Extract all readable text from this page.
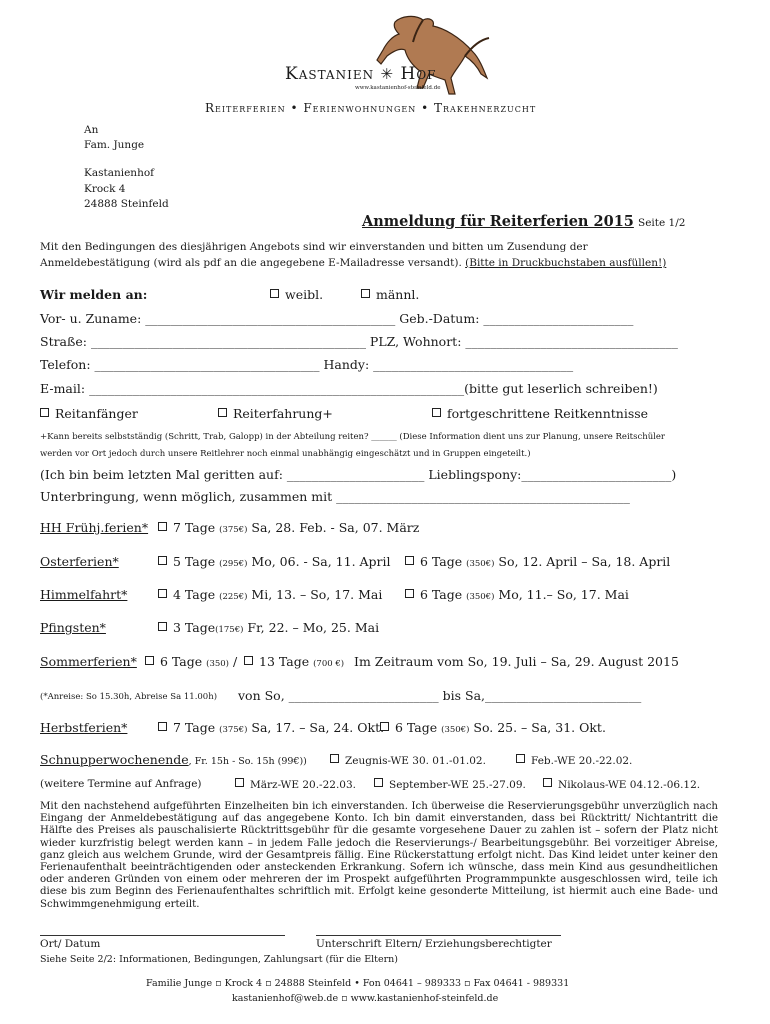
Kastanien ✳ Hof
www.kastanienhof-steinfeld.de
Reiterferien • Ferienwohnungen • Trakehnerzucht
An
Fam. Junge
Kastanienhof
Krock 4
24888 Steinfeld
Anmeldung für Reiterferien 2015 Seite 1/2
Mit den Bedingungen des diesjährigen Angebots sind wir einverstanden und bitten um Zusendung der
Anmeldebestätigung (wird als pdf an die angegebene E-Mailadresse versandt). (Bitte in Druckbuchstaben ausfüllen!)
Wir melden an:	weibl.	männl.
Vor- u. Zuname: ________________________________________ Geb.-Datum: ________________________
Straße: ____________________________________________ PLZ, Wohnort: __________________________________
Telefon: ____________________________________ Handy: ________________________________
E-mail: ____________________________________________________________(bitte gut leserlich schreiben!)
Reitanfänger	Reiterfahrung+	fortgeschrittene Reitkenntnisse
+Kann bereits selbstständig (Schritt, Trab, Galopp) in der Abteilung reiten? ______ (Diese Information dient uns zur Planung, unsere Reitschüler
werden vor Ort jedoch durch unsere Reitlehrer noch einmal unabhängig eingeschätzt und in Gruppen eingeteilt.)
(Ich bin beim letzten Mal geritten auf: ______________________ Lieblingspony:________________________)
Unterbringung, wenn möglich, zusammen mit _______________________________________________
HH Frühj.ferien*	7 Tage (375€) Sa, 28. Feb. - Sa, 07. März
Osterferien*	5 Tage (295€) Mo, 06. - Sa, 11. April	6 Tage (350€) So, 12. April – Sa, 18. April
Himmelfahrt*	4 Tage (225€) Mi, 13. – So, 17. Mai	6 Tage (350€) Mo, 11.– So, 17. Mai
Pfingsten*	3 Tage(175€) Fr, 22. – Mo, 25. Mai
Sommerferien*	6 Tage (350) /	13 Tage (700 €) Im Zeitraum vom So, 19. Juli – Sa, 29. August 2015
(*Anreise: So 15.30h, Abreise Sa 11.00h) von So, ________________________ bis Sa,_________________________
Herbstferien*	7 Tage (375€) Sa, 17. – Sa, 24. Okt. 6 Tage (350€) So. 25. – Sa, 31. Okt.
Schnupperwochenende, Fr. 15h - So. 15h (99€))	Zeugnis-WE 30. 01.-01.02.	Feb.-WE 20.-22.02.
(weitere Termine auf Anfrage)	März-WE 20.-22.03.	September-WE 25.-27.09.	Nikolaus-WE 04.12.-06.12.
Mit den nachstehend aufgeführten Einzelheiten bin ich einverstanden. Ich überweise die Reservierungsgebühr unverzüglich nach Eingang der Anmeldebestätigung auf das angegebene Konto. Ich bin damit einverstanden, dass bei Rücktritt/ Nichtantritt die Hälfte des Preises als pauschalisierte Rücktrittsgebühr für die gesamte vorgesehene Dauer zu zahlen ist – sofern der Platz nicht wieder kurzfristig belegt werden kann – in jedem Falle jedoch die Reservierungs-/ Bearbeitungsgebühr. Bei vorzeitiger Abreise, ganz gleich aus welchem Grunde, wird der Gesamtpreis fällig. Eine Rückerstattung erfolgt nicht. Das Kind leidet unter keiner den Ferienaufenthalt beeinträchtigenden oder ansteckenden Erkrankung. Sofern ich wünsche, dass mein Kind aus gesundheitlichen oder anderen Gründen von einem oder mehreren der im Prospekt aufgeführten Programmpunkte ausgeschlossen wird, teile ich diese bis zum Beginn des Ferienaufenthaltes schriftlich mit. Erfolgt keine gesonderte Mitteilung, ist hiermit auch eine Bade- und Schwimmgenehmigung erteilt.
Ort/ Datum	Unterschrift Eltern/ Erziehungsberechtigter
Siehe Seite 2/2: Informationen, Bedingungen, Zahlungsart (für die Eltern)
Familie Junge ▫ Krock 4 ▫ 24888 Steinfeld • Fon 04641 – 989333 ▫ Fax 04641 - 989331
kastanienhof@web.de ▫ www.kastanienhof-steinfeld.de
